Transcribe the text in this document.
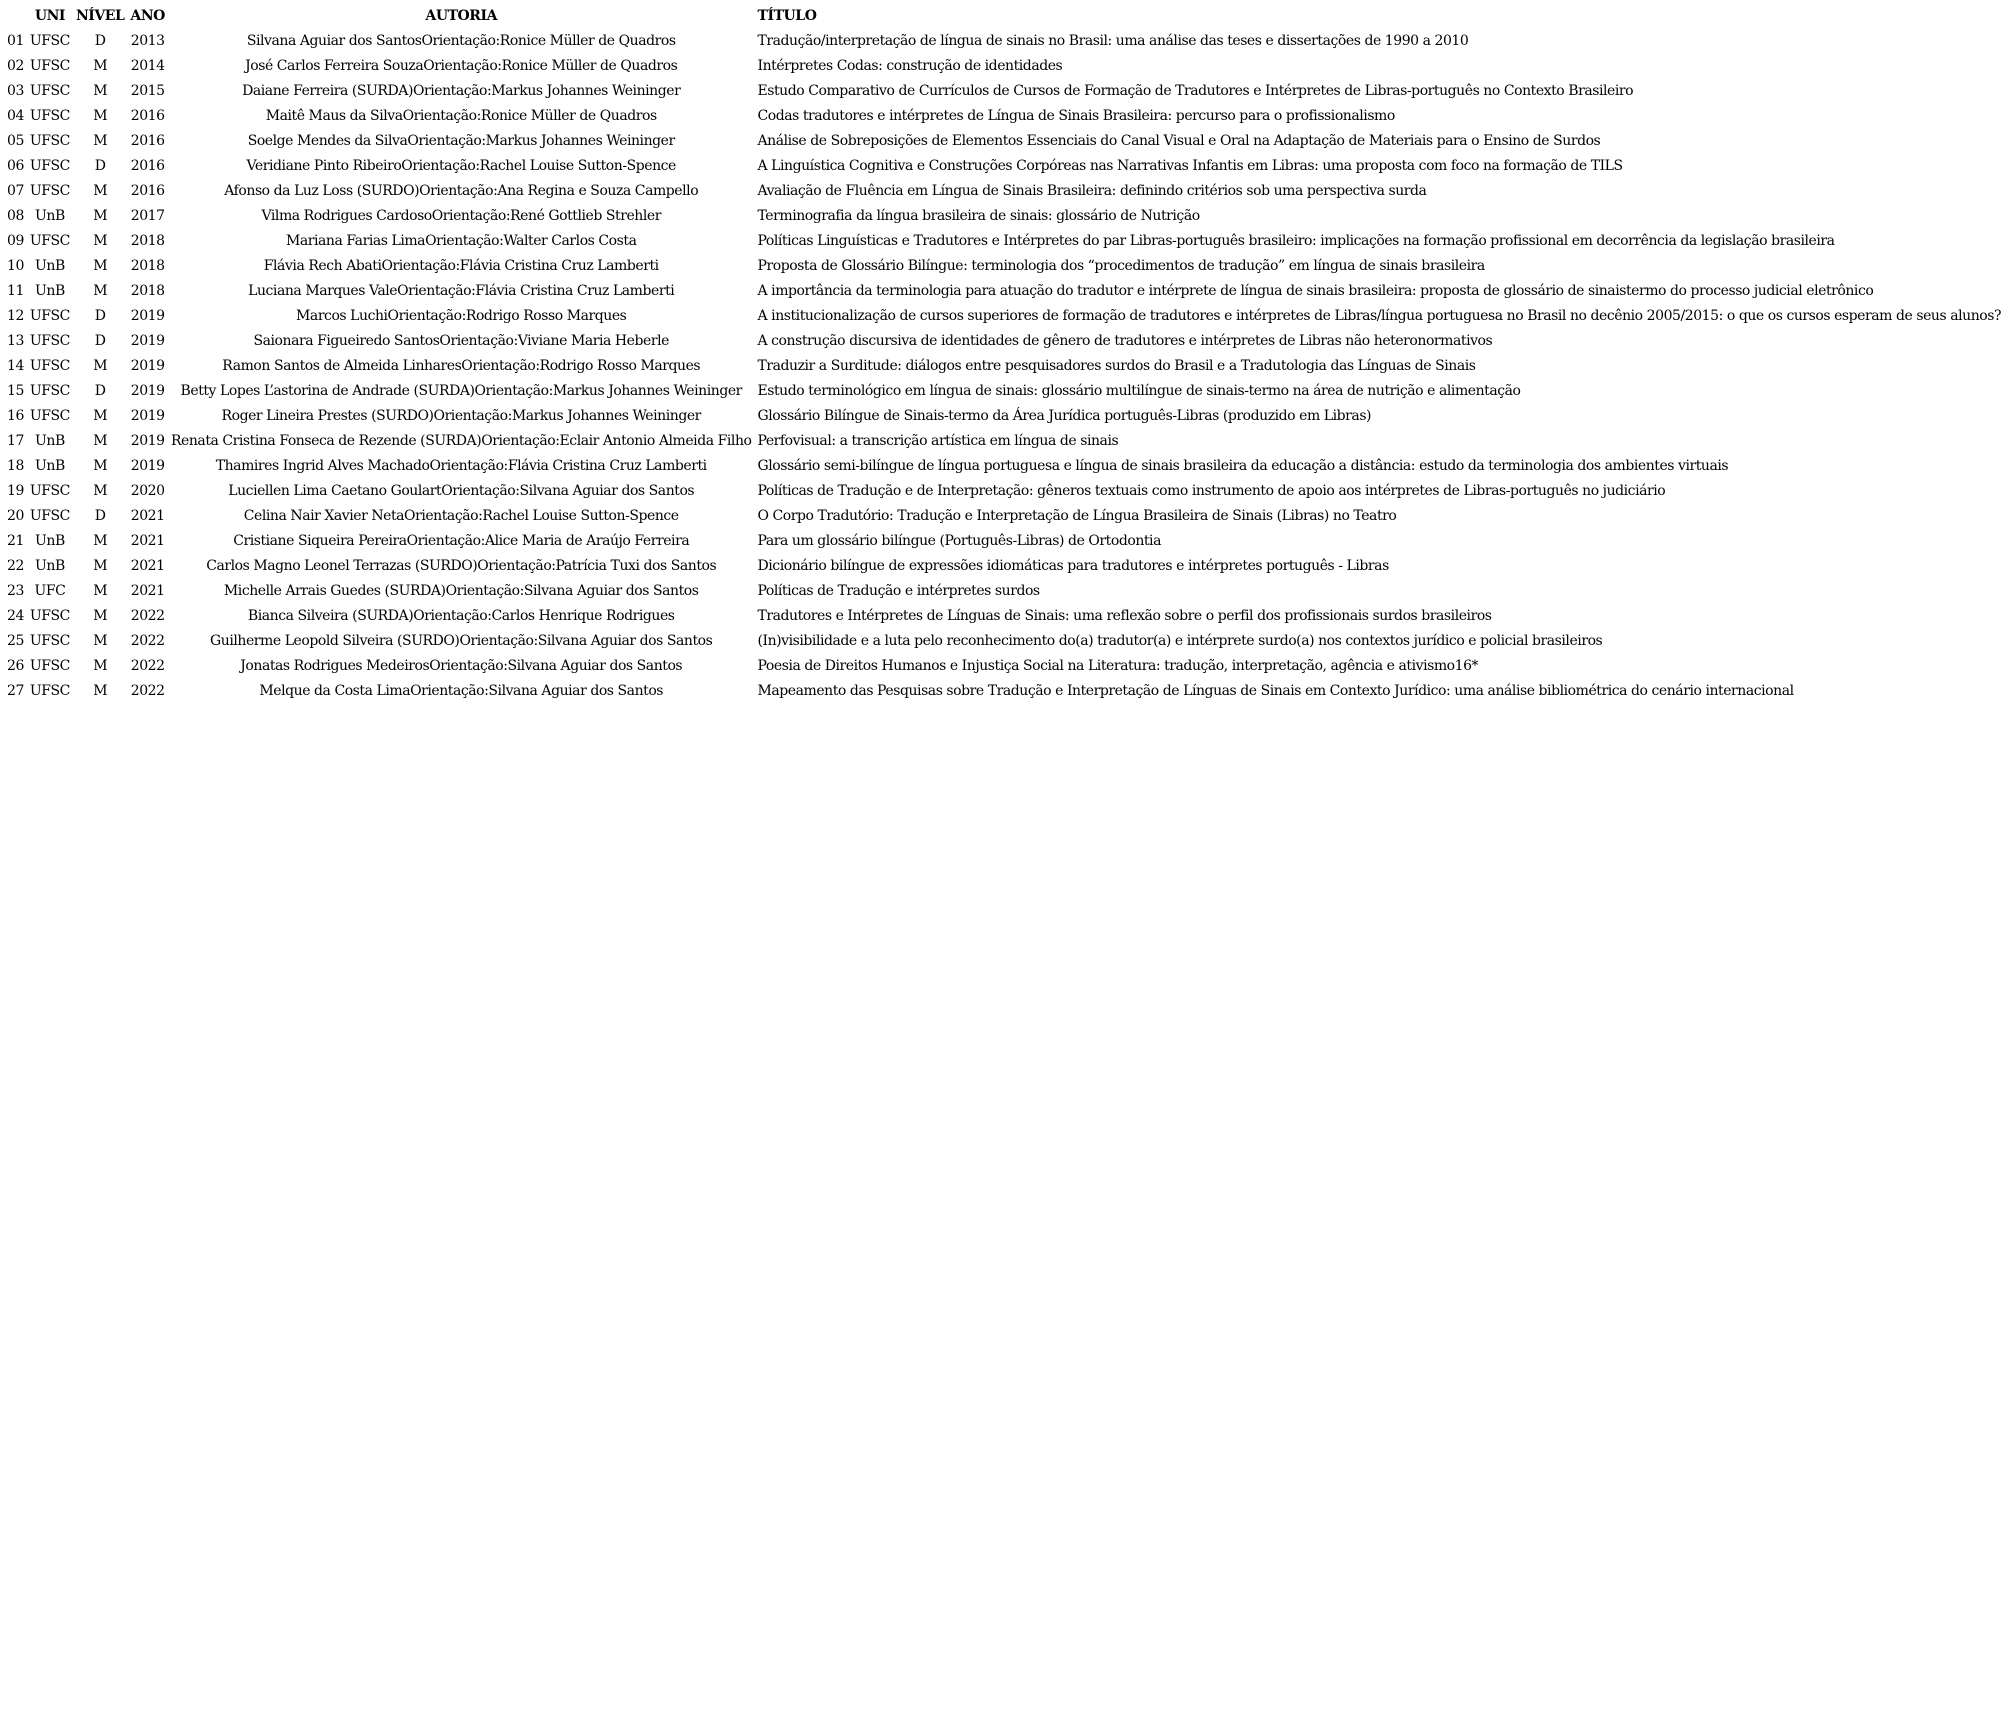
	UNI	NÍVEL	ANO	AUTORIA	TÍTULO
01	UFSC	D	2013	Silvana Aguiar dos SantosOrientação:Ronice Müller de Quadros	Tradução/interpretação de língua de sinais no Brasil: uma análise das teses e dissertações de 1990 a 2010
02	UFSC	M	2014	José Carlos Ferreira SouzaOrientação:Ronice Müller de Quadros	Intérpretes Codas: construção de identidades
03	UFSC	M	2015	Daiane Ferreira (SURDA)Orientação:Markus Johannes Weininger	Estudo Comparativo de Currículos de Cursos de Formação de Tradutores e Intérpretes de Libras-português no Contexto Brasileiro
04	UFSC	M	2016	Maitê Maus da SilvaOrientação:Ronice Müller de Quadros	Codas tradutores e intérpretes de Língua de Sinais Brasileira: percurso para o profissionalismo
05	UFSC	M	2016	Soelge Mendes da SilvaOrientação:Markus Johannes Weininger	Análise de Sobreposições de Elementos Essenciais do Canal Visual e Oral na Adaptação de Materiais para o Ensino de Surdos
06	UFSC	D	2016	Veridiane Pinto RibeiroOrientação:Rachel Louise Sutton-Spence	A Linguística Cognitiva e Construções Corpóreas nas Narrativas Infantis em Libras: uma proposta com foco na formação de TILS
07	UFSC	M	2016	Afonso da Luz Loss (SURDO)Orientação:Ana Regina e Souza Campello	Avaliação de Fluência em Língua de Sinais Brasileira: definindo critérios sob uma perspectiva surda
08	UnB	M	2017	Vilma Rodrigues CardosoOrientação:René Gottlieb Strehler	Terminografia da língua brasileira de sinais: glossário de Nutrição
09	UFSC	M	2018	Mariana Farias LimaOrientação:Walter Carlos Costa	Políticas Linguísticas e Tradutores e Intérpretes do par Libras-português brasileiro: implicações na formação profissional em decorrência da legislação brasileira
10	UnB	M	2018	Flávia Rech AbatiOrientação:Flávia Cristina Cruz Lamberti	Proposta de Glossário Bilíngue: terminologia dos “procedimentos de tradução” em língua de sinais brasileira
11	UnB	M	2018	Luciana Marques ValeOrientação:Flávia Cristina Cruz Lamberti	A importância da terminologia para atuação do tradutor e intérprete de língua de sinais brasileira: proposta de glossário de sinaistermo do processo judicial eletrônico
12	UFSC	D	2019	Marcos LuchiOrientação:Rodrigo Rosso Marques	A institucionalização de cursos superiores de formação de tradutores e intérpretes de Libras/língua portuguesa no Brasil no decênio 2005/2015: o que os cursos esperam de seus alunos?
13	UFSC	D	2019	Saionara Figueiredo SantosOrientação:Viviane Maria Heberle	A construção discursiva de identidades de gênero de tradutores e intérpretes de Libras não heteronormativos
14	UFSC	M	2019	Ramon Santos de Almeida LinharesOrientação:Rodrigo Rosso Marques	Traduzir a Surditude: diálogos entre pesquisadores surdos do Brasil e a Tradutologia das Línguas de Sinais
15	UFSC	D	2019	Betty Lopes L’astorina de Andrade (SURDA)Orientação:Markus Johannes Weininger	Estudo terminológico em língua de sinais: glossário multilíngue de sinais-termo na área de nutrição e alimentação
16	UFSC	M	2019	Roger Lineira Prestes (SURDO)Orientação:Markus Johannes Weininger	Glossário Bilíngue de Sinais-termo da Área Jurídica português-Libras (produzido em Libras)
17	UnB	M	2019	Renata Cristina Fonseca de Rezende (SURDA)Orientação:Eclair Antonio Almeida Filho	Perfovisual: a transcrição artística em língua de sinais
18	UnB	M	2019	Thamires Ingrid Alves MachadoOrientação:Flávia Cristina Cruz Lamberti	Glossário semi-bilíngue de língua portuguesa e língua de sinais brasileira da educação a distância: estudo da terminologia dos ambientes virtuais
19	UFSC	M	2020	Luciellen Lima Caetano GoulartOrientação:Silvana Aguiar dos Santos	Políticas de Tradução e de Interpretação: gêneros textuais como instrumento de apoio aos intérpretes de Libras-português no judiciário
20	UFSC	D	2021	Celina Nair Xavier NetaOrientação:Rachel Louise Sutton-Spence	O Corpo Tradutório: Tradução e Interpretação de Língua Brasileira de Sinais (Libras) no Teatro
21	UnB	M	2021	Cristiane Siqueira PereiraOrientação:Alice Maria de Araújo Ferreira	Para um glossário bilíngue (Português-Libras) de Ortodontia
22	UnB	M	2021	Carlos Magno Leonel Terrazas (SURDO)Orientação:Patrícia Tuxi dos Santos	Dicionário bilíngue de expressões idiomáticas para tradutores e intérpretes português - Libras
23	UFC	M	2021	Michelle Arrais Guedes (SURDA)Orientação:Silvana Aguiar dos Santos	Políticas de Tradução e intérpretes surdos
24	UFSC	M	2022	Bianca Silveira (SURDA)Orientação:Carlos Henrique Rodrigues	Tradutores e Intérpretes de Línguas de Sinais: uma reflexão sobre o perfil dos profissionais surdos brasileiros
25	UFSC	M	2022	Guilherme Leopold Silveira (SURDO)Orientação:Silvana Aguiar dos Santos	(In)visibilidade e a luta pelo reconhecimento do(a) tradutor(a) e intérprete surdo(a) nos contextos jurídico e policial brasileiros
26	UFSC	M	2022	Jonatas Rodrigues MedeirosOrientação:Silvana Aguiar dos Santos	Poesia de Direitos Humanos e Injustiça Social na Literatura: tradução, interpretação, agência e ativismo16*
27	UFSC	M	2022	Melque da Costa LimaOrientação:Silvana Aguiar dos Santos	Mapeamento das Pesquisas sobre Tradução e Interpretação de Línguas de Sinais em Contexto Jurídico: uma análise bibliométrica do cenário internacional
